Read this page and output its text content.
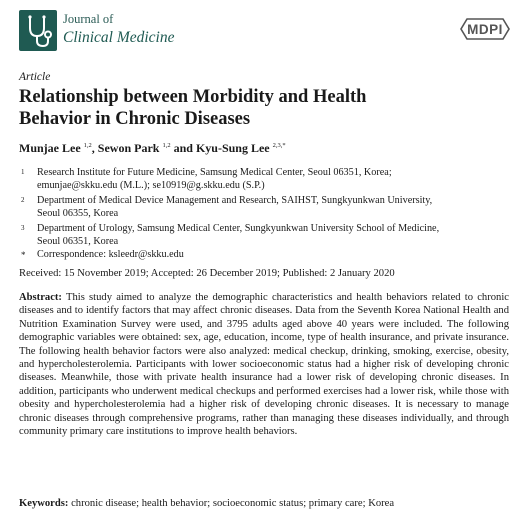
Journal of
Clinical Medicine	MDPI
Article
Relationship between Morbidity and Health
Behavior in Chronic Diseases
Munjae Lee $^{1,2}$, Sewon Park $^{1,2}$ and Kyu-Sung Lee $^{2,3,*}$
1 Research Institute for Future Medicine, Samsung Medical Center, Seoul 06351, Korea;
emunjae@skku.edu (M.L.); se10919@g.skku.edu (S.P.)
2 Department of Medical Device Management and Research, SAIHST, Sungkyunkwan University,
Seoul 06355, Korea
3 Department of Urology, Samsung Medical Center, Sungkyunkwan University School of Medicine,
Seoul 06351, Korea
* Correspondence: ksleedr@skku.edu
Received: 15 November 2019; Accepted: 26 December 2019; Published: 2 January 2020
Abstract: This study aimed to analyze the demographic characteristics and health behaviors related to chronic diseases and to identify factors that may affect chronic diseases. Data from the Seventh Korea National Health and Nutrition Examination Survey were used, and 3795 adults aged above 40 years were included. The following demographic variables were obtained: sex, age, education, income, type of health insurance, and private insurance. The following health behavior factors were also analyzed: medical checkup, drinking, smoking, exercise, obesity, and hypercholesterolemia. Participants with lower socioeconomic status had a higher risk of developing chronic diseases. Meanwhile, those with private health insurance had a lower risk of developing chronic diseases. In addition, participants who underwent medical checkups and performed exercises had a lower risk, while those with obesity and hypercholesterolemia had a higher risk of developing chronic diseases. It is necessary to manage chronic diseases through comprehensive programs, rather than managing these diseases individually, and through community primary care institutions to improve health behaviors.
Keywords: chronic disease; health behavior; socioeconomic status; primary care; Korea
